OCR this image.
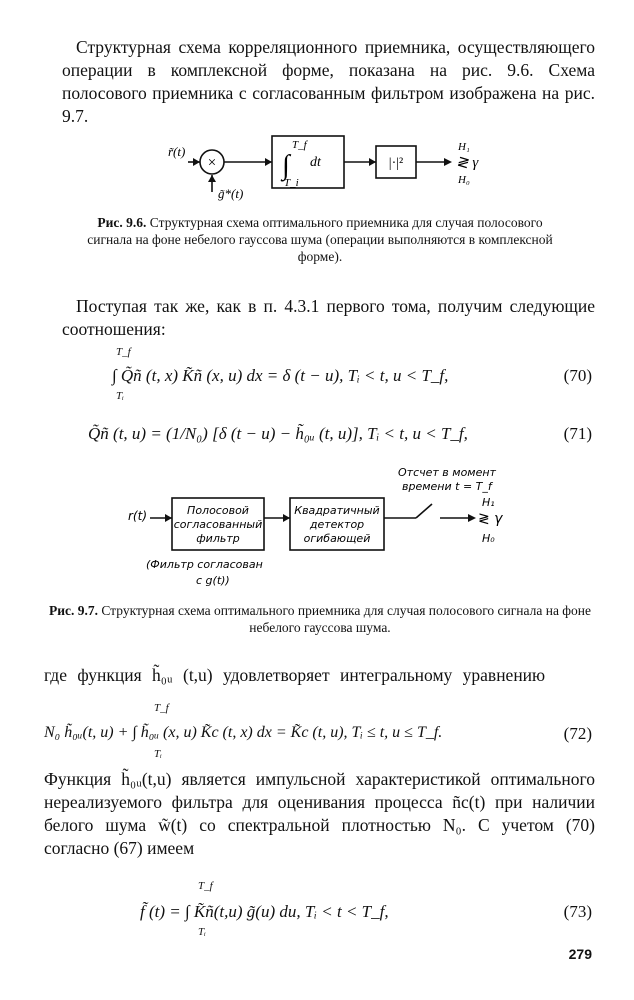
Структурная схема корреляционного приемника, осуществляющего операции в комплексной форме, показана на рис. 9.6. Схема полосового приемника с согласованным фильтром изображена на рис. 9.7.
r̃(t)
×
g̃*(t)
∫
T_f
T_i
dt	|·|²
H₁
≷ γ
H₀
Рис. 9.6. Структурная схема оптимального приемника для случая полосового сигнала на фоне небелого гауссова шума (операции выполняются в комплексной форме).
Поступая так же, как в п. 4.3.1 первого тома, получим следующие соотношения:
T_f
Tᵢ
∫ Q̃ñ (t, x) K̃ñ (x, u) dx = δ (t − u), Tᵢ < t, u < T_f,	(70)
Q̃ñ (t, u) = (1/N₀) [δ (t − u) − h̃₀ᵤ (t, u)], Tᵢ < t, u < T_f,	(71)
r(t)	Полосовой
согласованный
фильтр
Квадратичный
детектор
огибающей
Отсчет в момент
времени t = T_f
H₁
≷ γ
H₀
(Фильтр согласован
с g(t))
Рис. 9.7. Структурная схема оптимального приемника для случая полосового сигнала на фоне небелого гауссова шума.
где функция h̃₀ᵤ (t,u) удовлетворяет интегральному уравнению
T_f
Tᵢ
N₀ h̃₀ᵤ(t, u) + ∫ h̃₀ᵤ (x, u) K̃c (t, x) dx = K̃c (t, u), Tᵢ ≤ t, u ≤ T_f.	(72)
Функция h̃₀ᵤ(t,u) является импульсной характеристикой оптимального нереализуемого фильтра для оценивания процесса ñc(t) при наличии белого шума w̃(t) со спектральной плотностью N₀. С учетом (70) согласно (67) имеем
T_f
Tᵢ
f̃ (t) = ∫ K̃ñ(t,u) g̃(u) du, Tᵢ < t < T_f,	(73)
279
